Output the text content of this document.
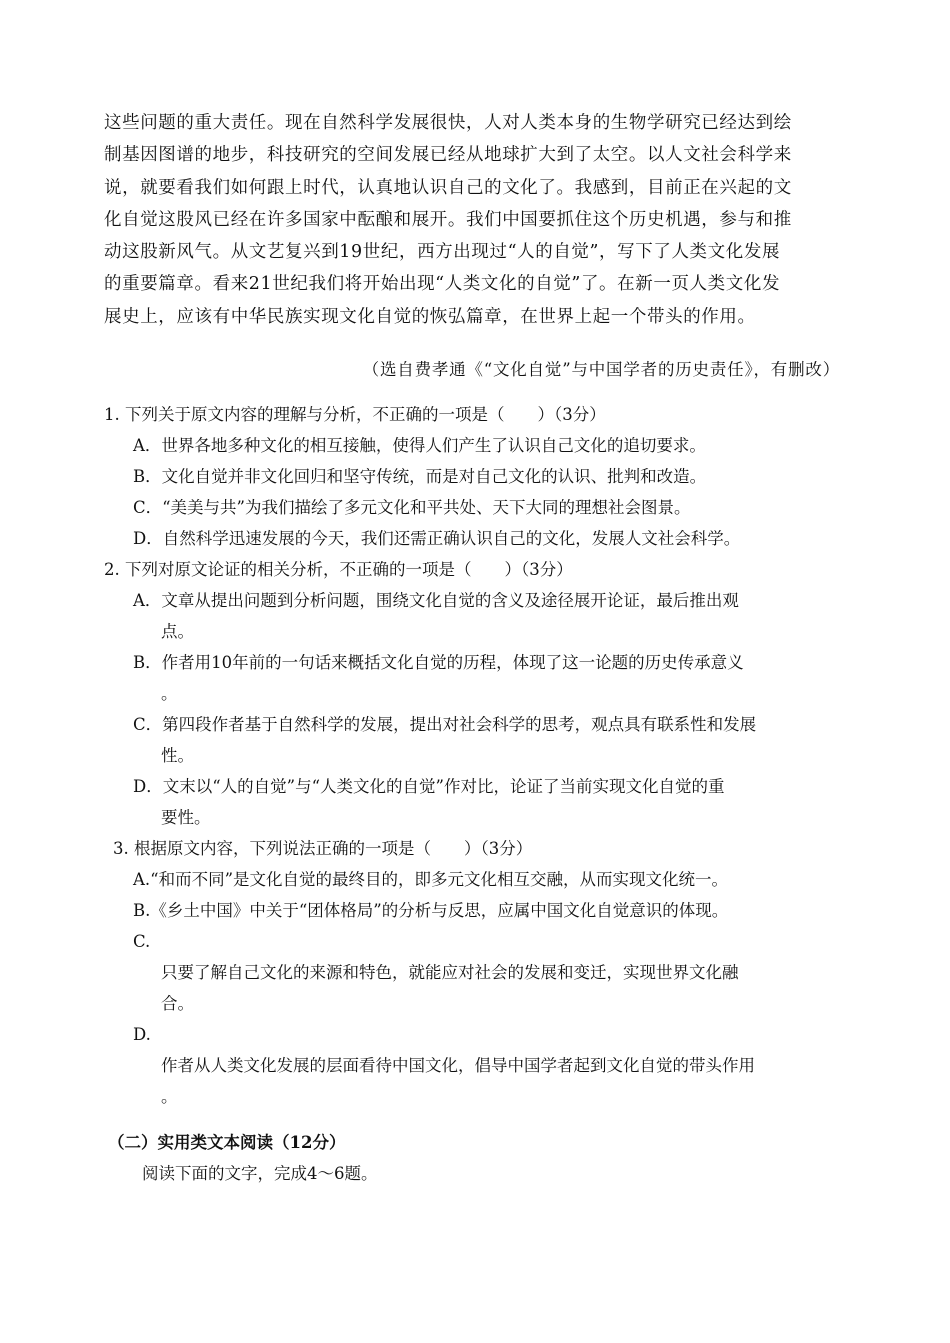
这些问题的重大责任。现在自然科学发展很快，人对人类本身的生物学研究已经达到绘
制基因图谱的地步，科技研究的空间发展已经从地球扩大到了太空。以人文社会科学来
说，就要看我们如何跟上时代，认真地认识自己的文化了。我感到，目前正在兴起的文
化自觉这股风已经在许多国家中酝酿和展开。我们中国要抓住这个历史机遇，参与和推
动这股新风气。从文艺复兴到19世纪，西方出现过“人的自觉”，写下了人类文化发展
的重要篇章。看来21世纪我们将开始出现“人类文化的自觉”了。在新一页人类文化发
展史上，应该有中华民族实现文化自觉的恢弘篇章，在世界上起一个带头的作用。

（选自费孝通《“文化自觉”与中国学者的历史责任》，有删改）
1. 下列关于原文内容的理解与分析，不正确的一项是（　　）（3分）
A．世界各地多种文化的相互接触，使得人们产生了认识自己文化的追切要求。
B．文化自觉并非文化回归和坚守传统，而是对自己文化的认识、批判和改造。
C．“美美与共”为我们描绘了多元文化和平共处、天下大同的理想社会图景。
D．自然科学迅速发展的今天，我们还需正确认识自己的文化，发展人文社会科学。
2. 下列对原文论证的相关分析，不正确的一项是（　　）（3分）
A．文章从提出问题到分析问题，围绕文化自觉的含义及途径展开论证，最后推出观
点。
B．作者用10年前的一句话来概括文化自觉的历程，体现了这一论题的历史传承意义
。
C．第四段作者基于自然科学的发展，提出对社会科学的思考，观点具有联系性和发展
性。
D．文末以“人的自觉”与“人类文化的自觉”作对比，论证了当前实现文化自觉的重
要性。
3. 根据原文内容，下列说法正确的一项是（　　）（3分）
A.“和而不同”是文化自觉的最终目的，即多元文化相互交融，从而实现文化统一。
B.《乡土中国》中关于“团体格局”的分析与反思，应属中国文化自觉意识的体现。
C.
只要了解自己文化的来源和特色，就能应对社会的发展和变迁，实现世界文化融
合。
D.
作者从人类文化发展的层面看待中国文化，倡导中国学者起到文化自觉的带头作用
。
（二）实用类文本阅读（12分）
阅读下面的文字，完成4～6题。
